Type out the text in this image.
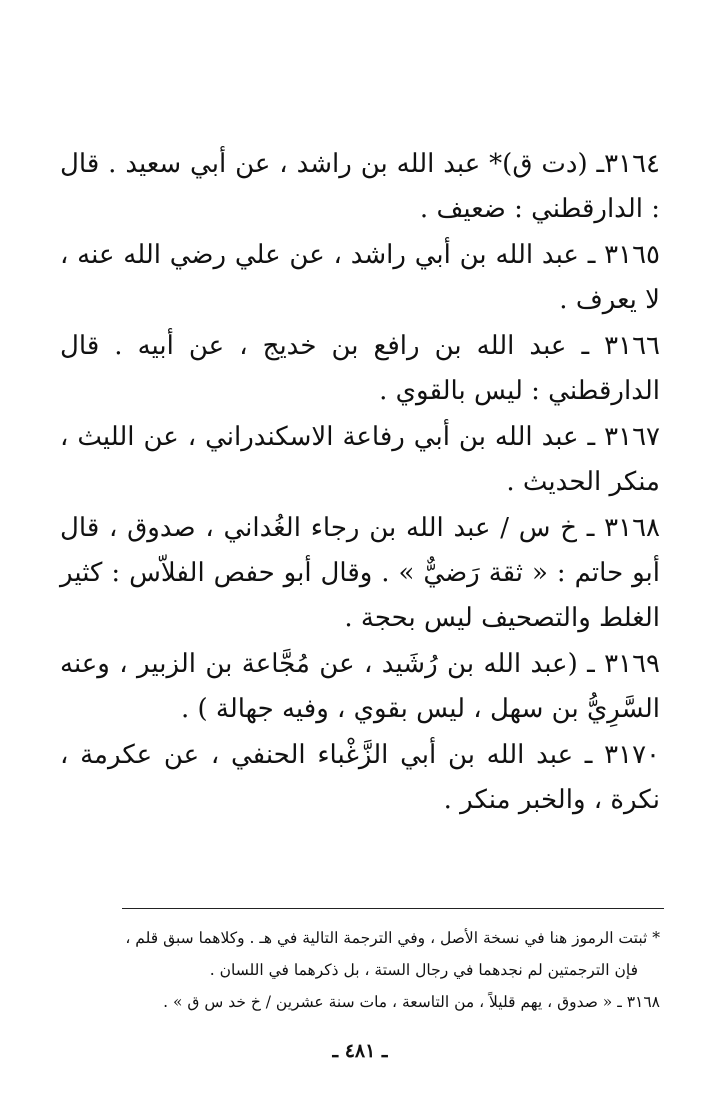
٣١٦٤ـ (دت ق)* عبد الله بن راشد ، عن أبي سعيد . قال : الدارقطني : ضعيف .

٣١٦٥ ـ عبد الله بن أبي راشد ، عن علي رضي الله عنه ، لا يعرف .

٣١٦٦ ـ عبد الله بن رافع بن خديج ، عن أبيه . قال الدارقطني : ليس بالقوي .

٣١٦٧ ـ عبد الله بن أبي رفاعة الاسكندراني ، عن الليث ، منكر الحديث .

٣١٦٨ ـ خ س / عبد الله بن رجاء الغُداني ، صدوق ، قال أبو حاتم : « ثقة رَضيٌّ » . وقال أبو حفص الفلاّس : كثير الغلط والتصحيف ليس بحجة .

٣١٦٩ ـ (عبد الله بن رُشَيد ، عن مُجَّاعة بن الزبير ، وعنه السَّرِيُّ بن سهل ، ليس بقوي ، وفيه جهالة ) .

٣١٧٠ ـ عبد الله بن أبي الزَّغْباء الحنفي ، عن عكرمة ، نكرة ، والخبر منكر .

* ثبتت الرموز هنا في نسخة الأصل ، وفي الترجمة التالية في هـ . وكلاهما سبق قلم ،
فإن الترجمتين لم نجدهما في رجال الستة ، بل ذكرهما في اللسان .
٣١٦٨ ـ « صدوق ، يهم قليلاً ، من التاسعة ، مات سنة عشرين / خ خد س ق » .
ـ ٤٨١ ـ
